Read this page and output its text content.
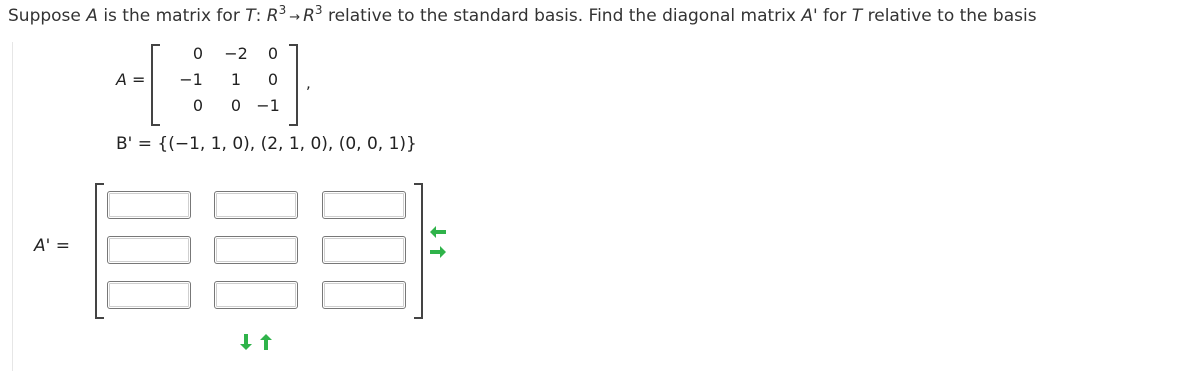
Suppose A is the matrix for T: $R^3 \to R^3$ relative to the standard basis. Find the diagonal matrix A' for T relative to the basis
A =
0	−2	0
−1	1	0
0	0 −1
,
B' = {(−1, 1, 0), (2, 1, 0), (0, 0, 1)}
A' =
